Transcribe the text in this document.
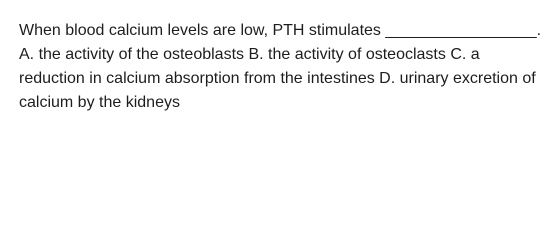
When blood calcium levels are low, PTH stimulates _________________. A. the activity of the osteoblasts B. the activity of osteoclasts C. a reduction in calcium absorption from the intestines D. urinary excretion of calcium by the kidneys
